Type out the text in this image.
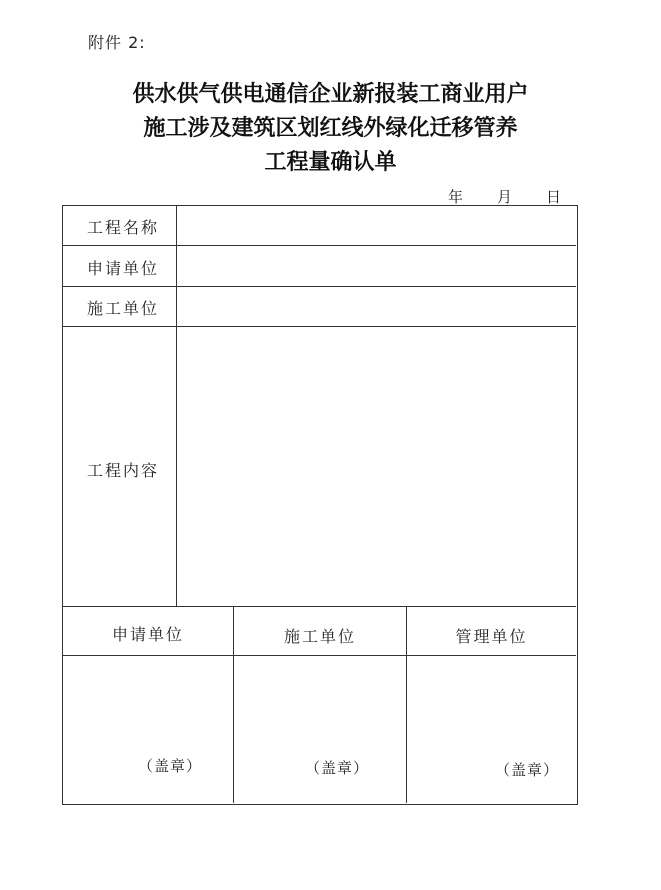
附件 2:
供水供气供电通信企业新报装工商业用户
施工涉及建筑区划红线外绿化迁移管养
工程量确认单
年 月 日
工程名称
申请单位
施工单位
工程内容
申请单位	施工单位	管理单位
（盖章）	（盖章）	（盖章）
